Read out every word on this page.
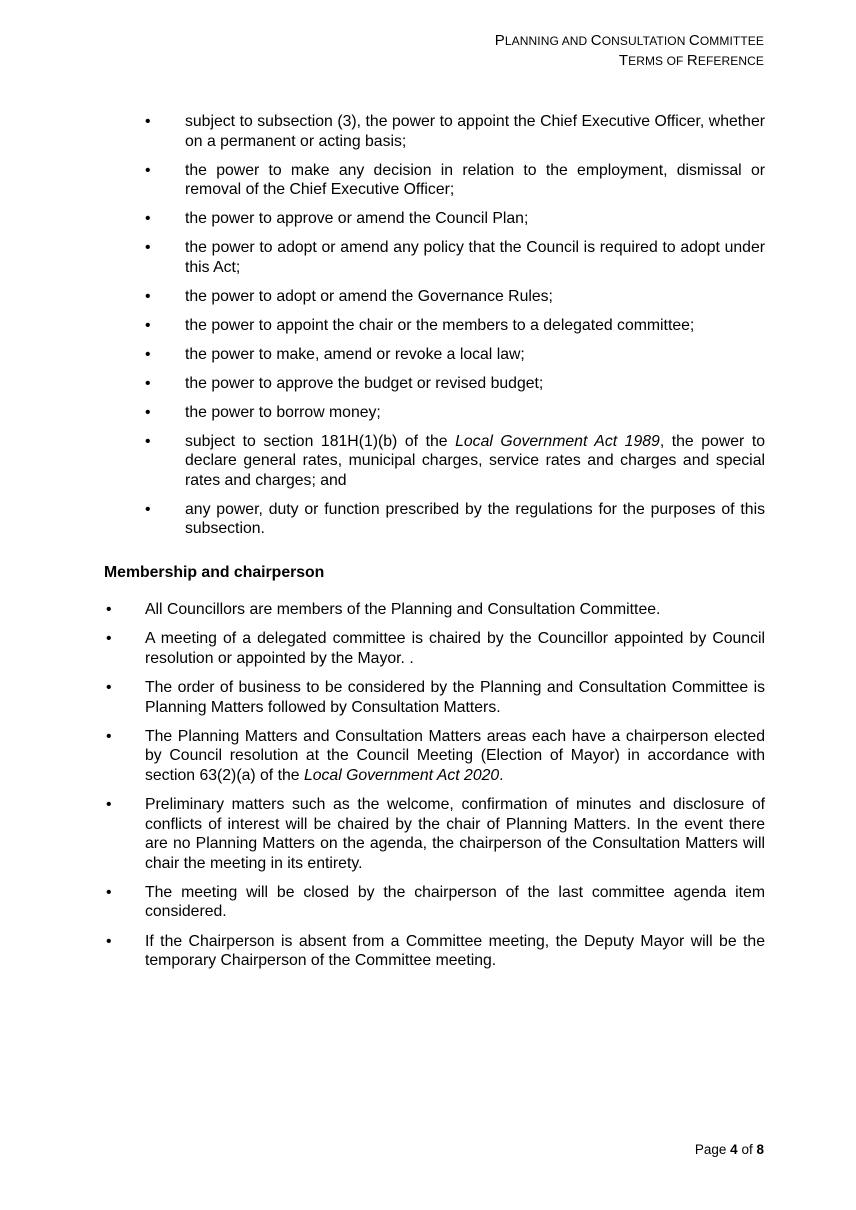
PLANNING AND CONSULTATION COMMITTEE
TERMS OF REFERENCE
• subject to subsection (3), the power to appoint the Chief Executive Officer, whether on a permanent or acting basis;
• the power to make any decision in relation to the employment, dismissal or removal of the Chief Executive Officer;
• the power to approve or amend the Council Plan;
• the power to adopt or amend any policy that the Council is required to adopt under this Act;
• the power to adopt or amend the Governance Rules;
• the power to appoint the chair or the members to a delegated committee;
• the power to make, amend or revoke a local law;
• the power to approve the budget or revised budget;
• the power to borrow money;
• subject to section 181H(1)(b) of the Local Government Act 1989, the power to declare general rates, municipal charges, service rates and charges and special rates and charges; and
• any power, duty or function prescribed by the regulations for the purposes of this subsection.
Membership and chairperson
• All Councillors are members of the Planning and Consultation Committee.
• A meeting of a delegated committee is chaired by the Councillor appointed by Council resolution or appointed by the Mayor. .
• The order of business to be considered by the Planning and Consultation Committee is Planning Matters followed by Consultation Matters.
• The Planning Matters and Consultation Matters areas each have a chairperson elected by Council resolution at the Council Meeting (Election of Mayor) in accordance with section 63(2)(a) of the Local Government Act 2020.
• Preliminary matters such as the welcome, confirmation of minutes and disclosure of conflicts of interest will be chaired by the chair of Planning Matters. In the event there are no Planning Matters on the agenda, the chairperson of the Consultation Matters will chair the meeting in its entirety.
• The meeting will be closed by the chairperson of the last committee agenda item considered.
• If the Chairperson is absent from a Committee meeting, the Deputy Mayor will be the temporary Chairperson of the Committee meeting.
Page 4 of 8
